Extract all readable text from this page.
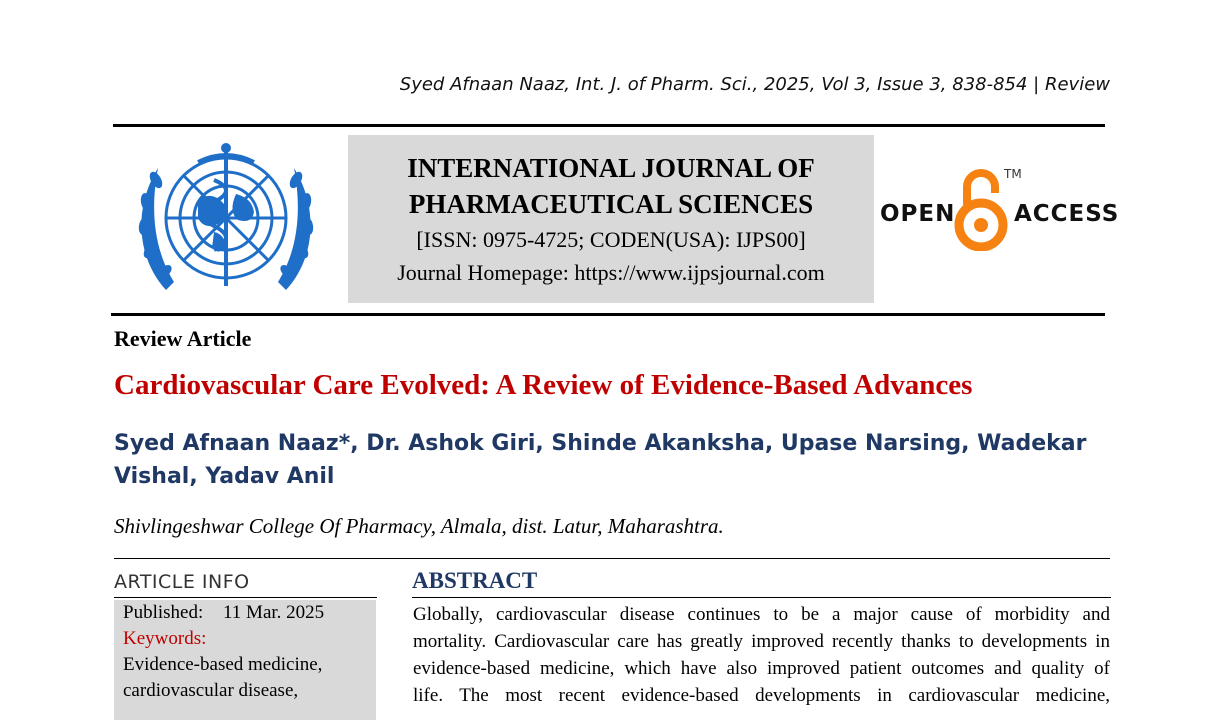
Syed Afnaan Naaz, Int. J. of Pharm. Sci., 2025, Vol 3, Issue 3, 838-854 | Review
INTERNATIONAL JOURNAL OF
PHARMACEUTICAL SCIENCES
[ISSN: 0975-4725; CODEN(USA): IJPS00]
Journal Homepage: https://www.ijpsjournal.com
OPEN
TM
ACCESS
Review Article
Cardiovascular Care Evolved: A Review of Evidence-Based Advances
Syed Afnaan Naaz*, Dr. Ashok Giri, Shinde Akanksha, Upase Narsing, Wadekar
Vishal, Yadav Anil
Shivlingeshwar College Of Pharmacy, Almala, dist. Latur, Maharashtra.
ARTICLE INFO
Published: 11 Mar. 2025
Keywords:
Evidence-based medicine,
cardiovascular disease,
ABSTRACT
Globally, cardiovascular disease continues to be a major cause of morbidity and
mortality. Cardiovascular care has greatly improved recently thanks to developments in
evidence-based medicine, which have also improved patient outcomes and quality of
life. The most recent evidence-based developments in cardiovascular medicine,
